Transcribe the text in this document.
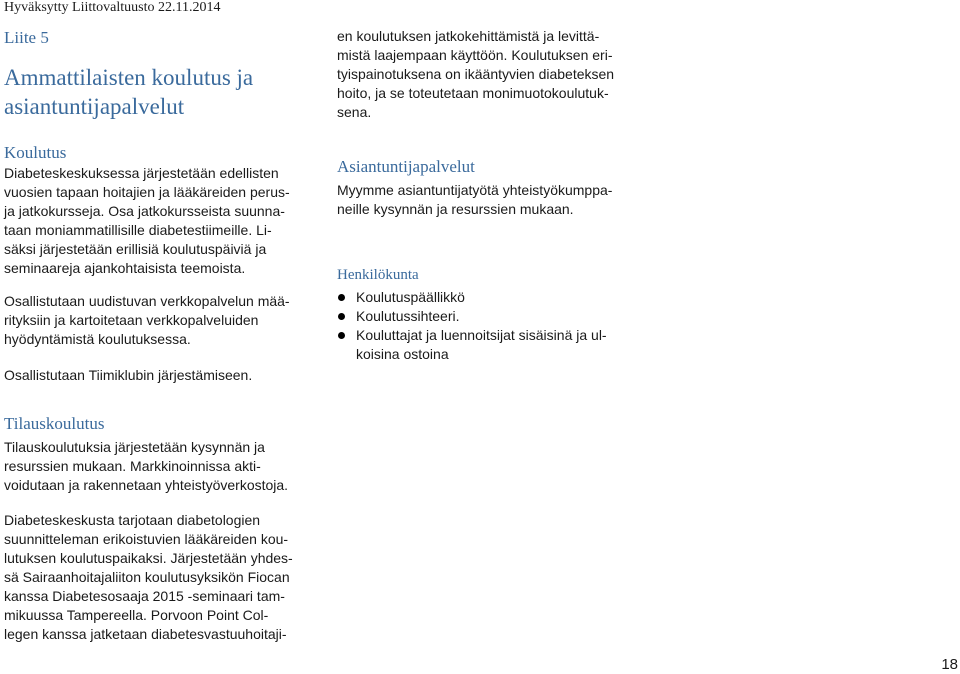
Hyväksytty Liittovaltuusto 22.11.2014
Liite 5
Ammattilaisten koulutus ja
asiantuntijapalvelut
Koulutus
Diabeteskeskuksessa järjestetään edellisten
vuosien tapaan hoitajien ja lääkäreiden perus-
ja jatkokursseja. Osa jatkokursseista suunna-
taan moniammatillisille diabetestiimeille. Li-
säksi järjestetään erillisiä koulutuspäiviä ja
seminaareja ajankohtaisista teemoista.
Osallistutaan uudistuvan verkkopalvelun mää-
rityksiin ja kartoitetaan verkkopalveluiden
hyödyntämistä koulutuksessa.
Osallistutaan Tiimiklubin järjestämiseen.
Tilauskoulutus
Tilauskoulutuksia järjestetään kysynnän ja
resurssien mukaan. Markkinoinnissa akti-
voidutaan ja rakennetaan yhteistyöverkostoja.
Diabeteskeskusta tarjotaan diabetologien
suunnitteleman erikoistuvien lääkäreiden kou-
lutuksen koulutuspaikaksi. Järjestetään yhdes-
sä Sairaanhoitajaliiton koulutusyksikön Fiocan
kanssa Diabetesosaaja 2015 -seminaari tam-
mikuussa Tampereella. Porvoon Point Col-
legen kanssa jatketaan diabetesvastuuhoitaji-
en koulutuksen jatkokehittämistä ja levittä-
mistä laajempaan käyttöön. Koulutuksen eri-
tyispainotuksena on ikääntyvien diabeteksen
hoito, ja se toteutetaan monimuotokoulutuk-
sena.
Asiantuntijapalvelut
Myymme asiantuntijatyötä yhteistyökumppa-
neille kysynnän ja resurssien mukaan.
Henkilökunta
Koulutuspäällikkö
Koulutussihteeri.
Kouluttajat ja luennoitsijat sisäisinä ja ul-
koisina ostoina
18
